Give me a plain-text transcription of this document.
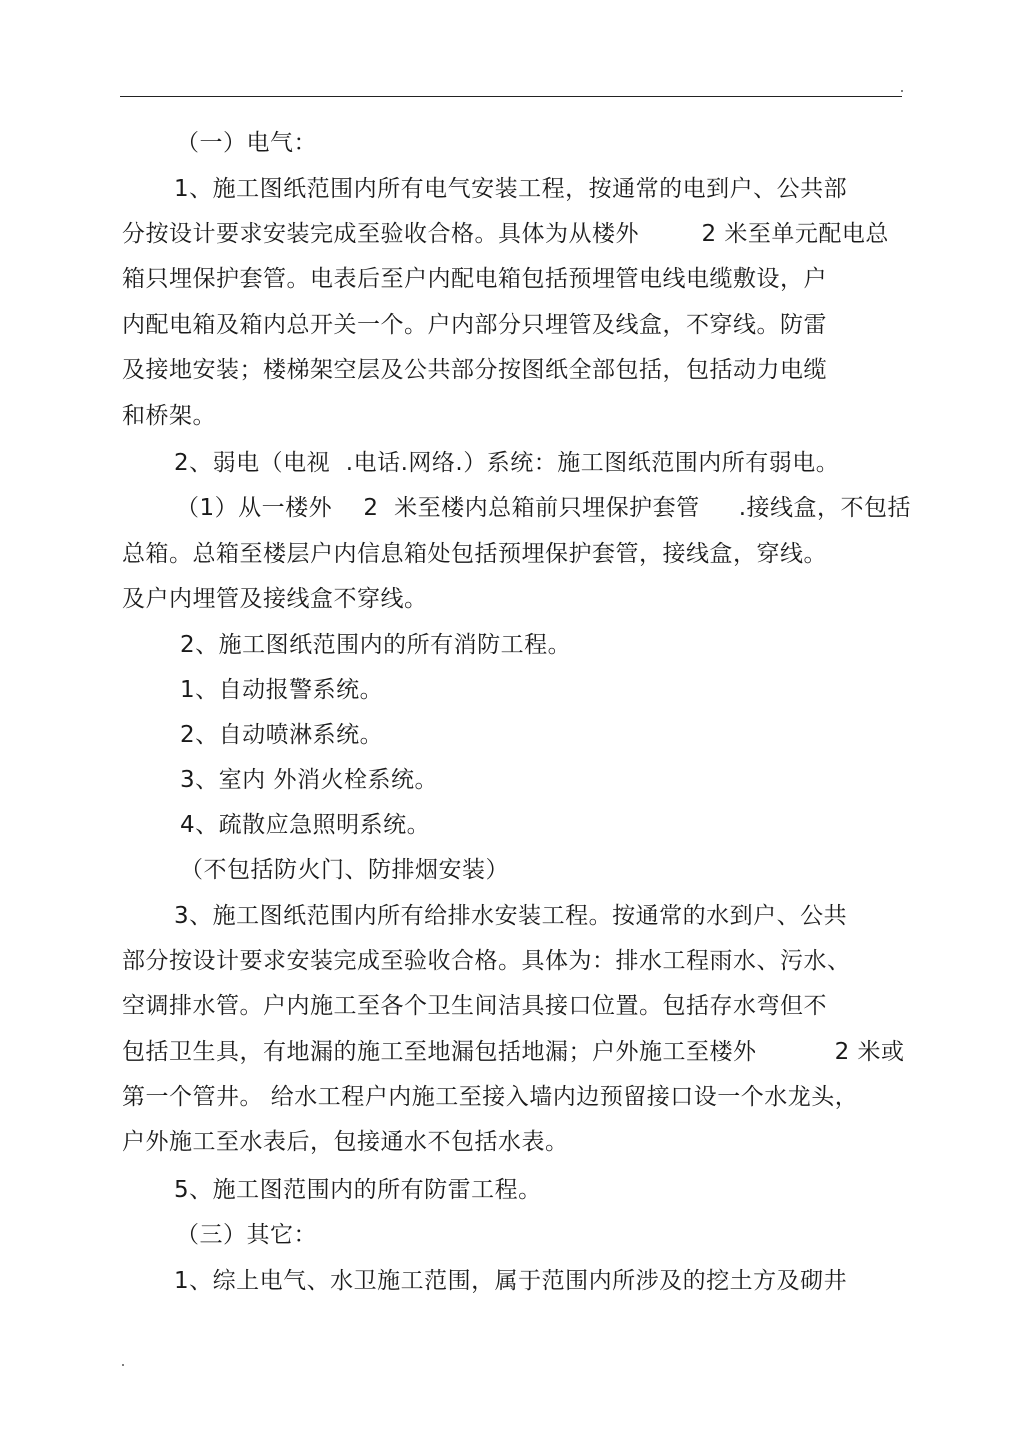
（一）电气：
1、施工图纸范围内所有电气安装工程，按通常的电到户、公共部
分按设计要求安装完成至验收合格。具体为从楼外        2 米至单元配电总
箱只埋保护套管。电表后至户内配电箱包括预埋管电线电缆敷设，户
内配电箱及箱内总开关一个。户内部分只埋管及线盒，不穿线。防雷
及接地安装；楼梯架空层及公共部分按图纸全部包括，包括动力电缆
和桥架。
2、弱电（电视  .电话.网络.）系统：施工图纸范围内所有弱电。
（1）从一楼外    2  米至楼内总箱前只埋保护套管     .接线盒，不包括
总箱。总箱至楼层户内信息箱处包括预埋保护套管，接线盒，穿线。
及户内埋管及接线盒不穿线。
2、施工图纸范围内的所有消防工程。
1、自动报警系统。
2、自动喷淋系统。
3、室内 外消火栓系统。
4、疏散应急照明系统。
（不包括防火门、防排烟安装）
3、施工图纸范围内所有给排水安装工程。按通常的水到户、公共
部分按设计要求安装完成至验收合格。具体为：排水工程雨水、污水、
空调排水管。户内施工至各个卫生间洁具接口位置。包括存水弯但不
包括卫生具，有地漏的施工至地漏包括地漏；户外施工至楼外          2 米或
第一个管井。 给水工程户内施工至接入墙内边预留接口设一个水龙头，
户外施工至水表后，包接通水不包括水表。
5、施工图范围内的所有防雷工程。
（三）其它：
1、综上电气、水卫施工范围，属于范围内所涉及的挖土方及砌井
